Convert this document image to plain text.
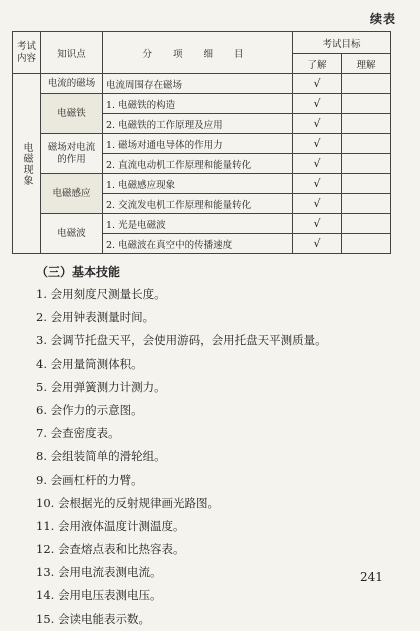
续表
考试内容	知识点	分 项 细 目	考试目标	
			了解	理解

电磁现象	电流的磁场	电流周围存在磁场	√	
	电磁铁	1. 电磁铁的构造	√	
		2. 电磁铁的工作原理及应用	√	
	磁场对电流的作用	1. 磁场对通电导体的作用力	√	
		2. 直流电动机工作原理和能量转化	√	
	电磁感应	1. 电磁感应现象	√	
		2. 交流发电机工作原理和能量转化	√	
	电磁波	1. 光是电磁波	√	
		2. 电磁波在真空中的传播速度	√	
（三）基本技能
1. 会用刻度尺测量长度。
2. 会用钟表测量时间。
3. 会调节托盘天平，会使用游码，会用托盘天平测质量。
4. 会用量筒测体积。
5. 会用弹簧测力计测力。
6. 会作力的示意图。
7. 会查密度表。
8. 会组装简单的滑轮组。
9. 会画杠杆的力臂。
10. 会根据光的反射规律画光路图。
11. 会用液体温度计测温度。
12. 会查熔点表和比热容表。
13. 会用电流表测电流。
14. 会用电压表测电压。
15. 会读电能表示数。
241
